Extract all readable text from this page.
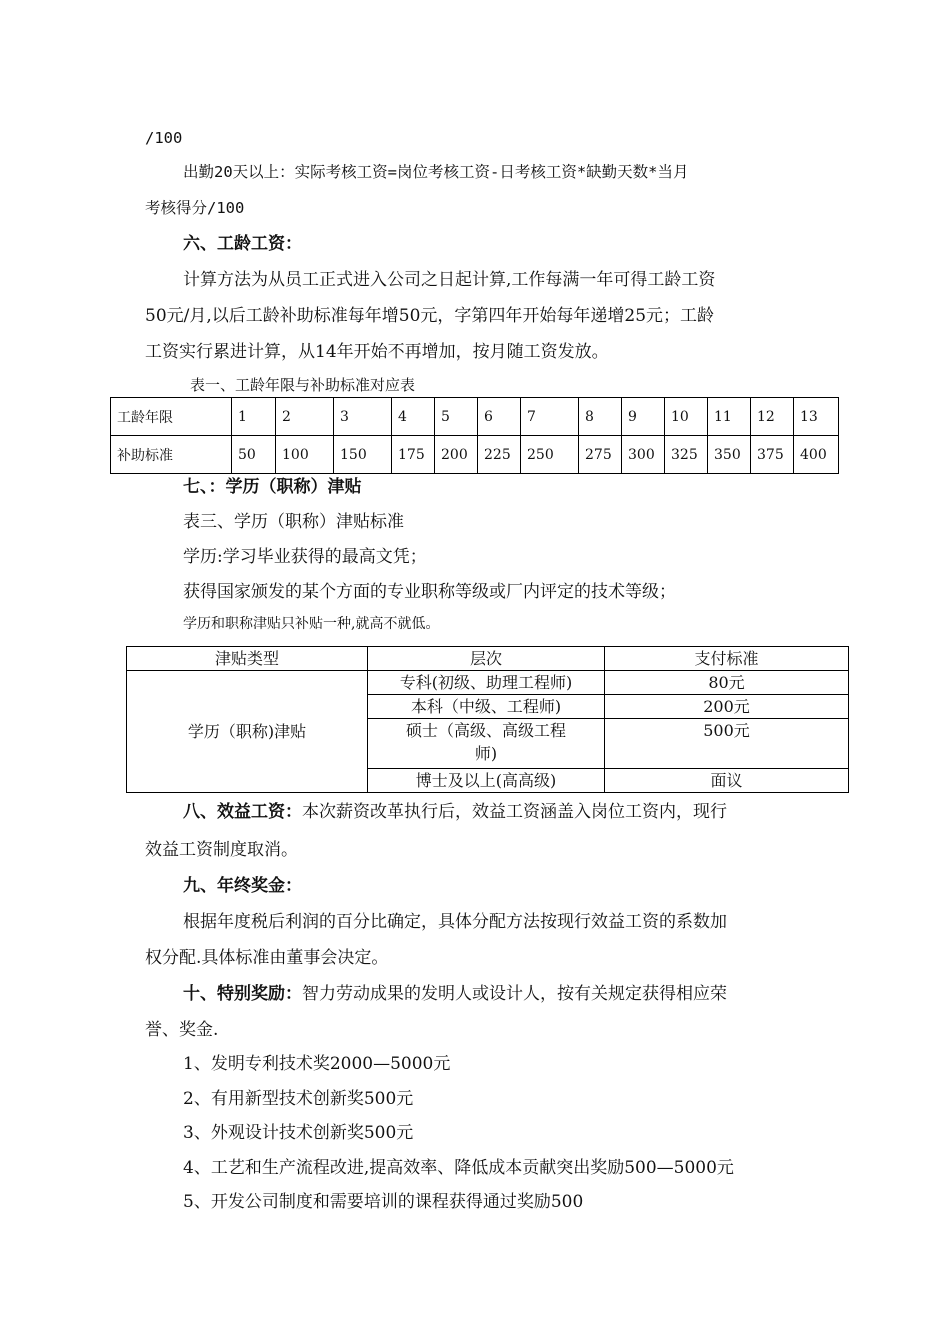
/100
出勤20天以上：实际考核工资=岗位考核工资-日考核工资*缺勤天数*当月
考核得分/100
六、工龄工资：
计算方法为从员工正式进入公司之日起计算,工作每满一年可得工龄工资
50元/月,以后工龄补助标准每年增50元，字第四年开始每年递增25元；工龄
工资实行累进计算，从14年开始不再增加，按月随工资发放。
表一、工龄年限与补助标准对应表
工龄年限	1	2	3	4	5	6	7	8	9	10	11	12	13
补助标准	50	100	150	175	200	225	250	275	300	325	350	375	400
七、：学历（职称）津贴
表三、学历（职称）津贴标准
学历:学习毕业获得的最高文凭；
获得国家颁发的某个方面的专业职称等级或厂内评定的技术等级；
学历和职称津贴只补贴一种,就高不就低。
津贴类型	层次	支付标准
学历（职称)津贴	专科(初级、助理工程师)	80元
	本科（中级、工程师)	200元
	硕士（高级、高级工程师)	500元
	博士及以上(高高级)	面议
八、效益工资：本次薪资改革执行后，效益工资涵盖入岗位工资内，现行
效益工资制度取消。
九、年终奖金：
根据年度税后利润的百分比确定，具体分配方法按现行效益工资的系数加
权分配.具体标准由董事会决定。
十、特别奖励：智力劳动成果的发明人或设计人，按有关规定获得相应荣
誉、奖金.
1、发明专利技术奖2000—5000元
2、有用新型技术创新奖500元
3、外观设计技术创新奖500元
4、工艺和生产流程改进,提高效率、降低成本贡献突出奖励500—5000元
5、开发公司制度和需要培训的课程获得通过奖励500
